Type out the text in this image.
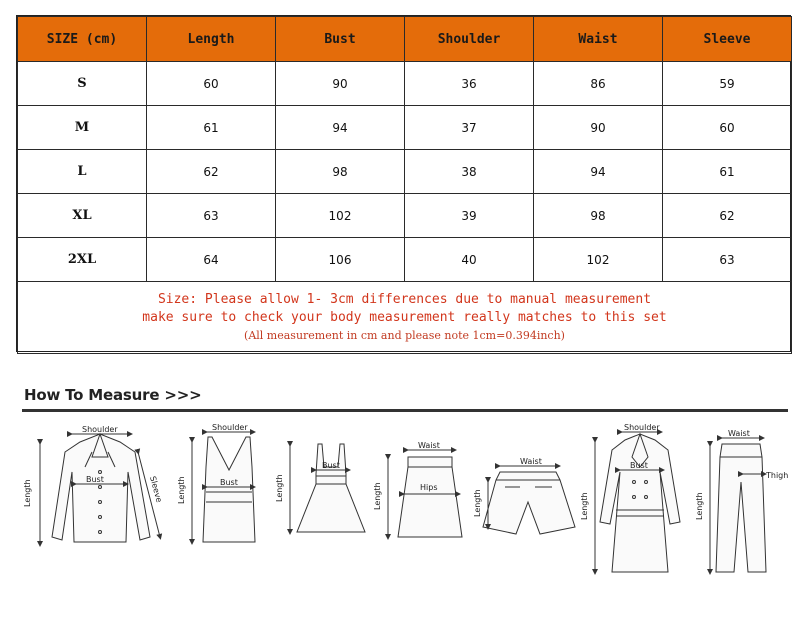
SIZE (cm)	Length	Bust	Shoulder	Waist	Sleeve
S	60	90	36	86	59
M	61	94	37	90	60
L	62	98	38	94	61
XL	63	102	39	98	62
2XL	64	106	40	102	63

Size: Please allow 1- 3cm differences due to manual measurement
make sure to check your body measurement really matches to this set
(All measurement in cm and please note 1cm=0.394inch)					
How To Measure >>>
Shoulder
Bust
Length	Sleeve
Shoulder
Bust
Length
Bust
Length
Waist
Hips
Length
Waist
Length
Shoulder
Bust
Length
Waist
Thigh
Length
